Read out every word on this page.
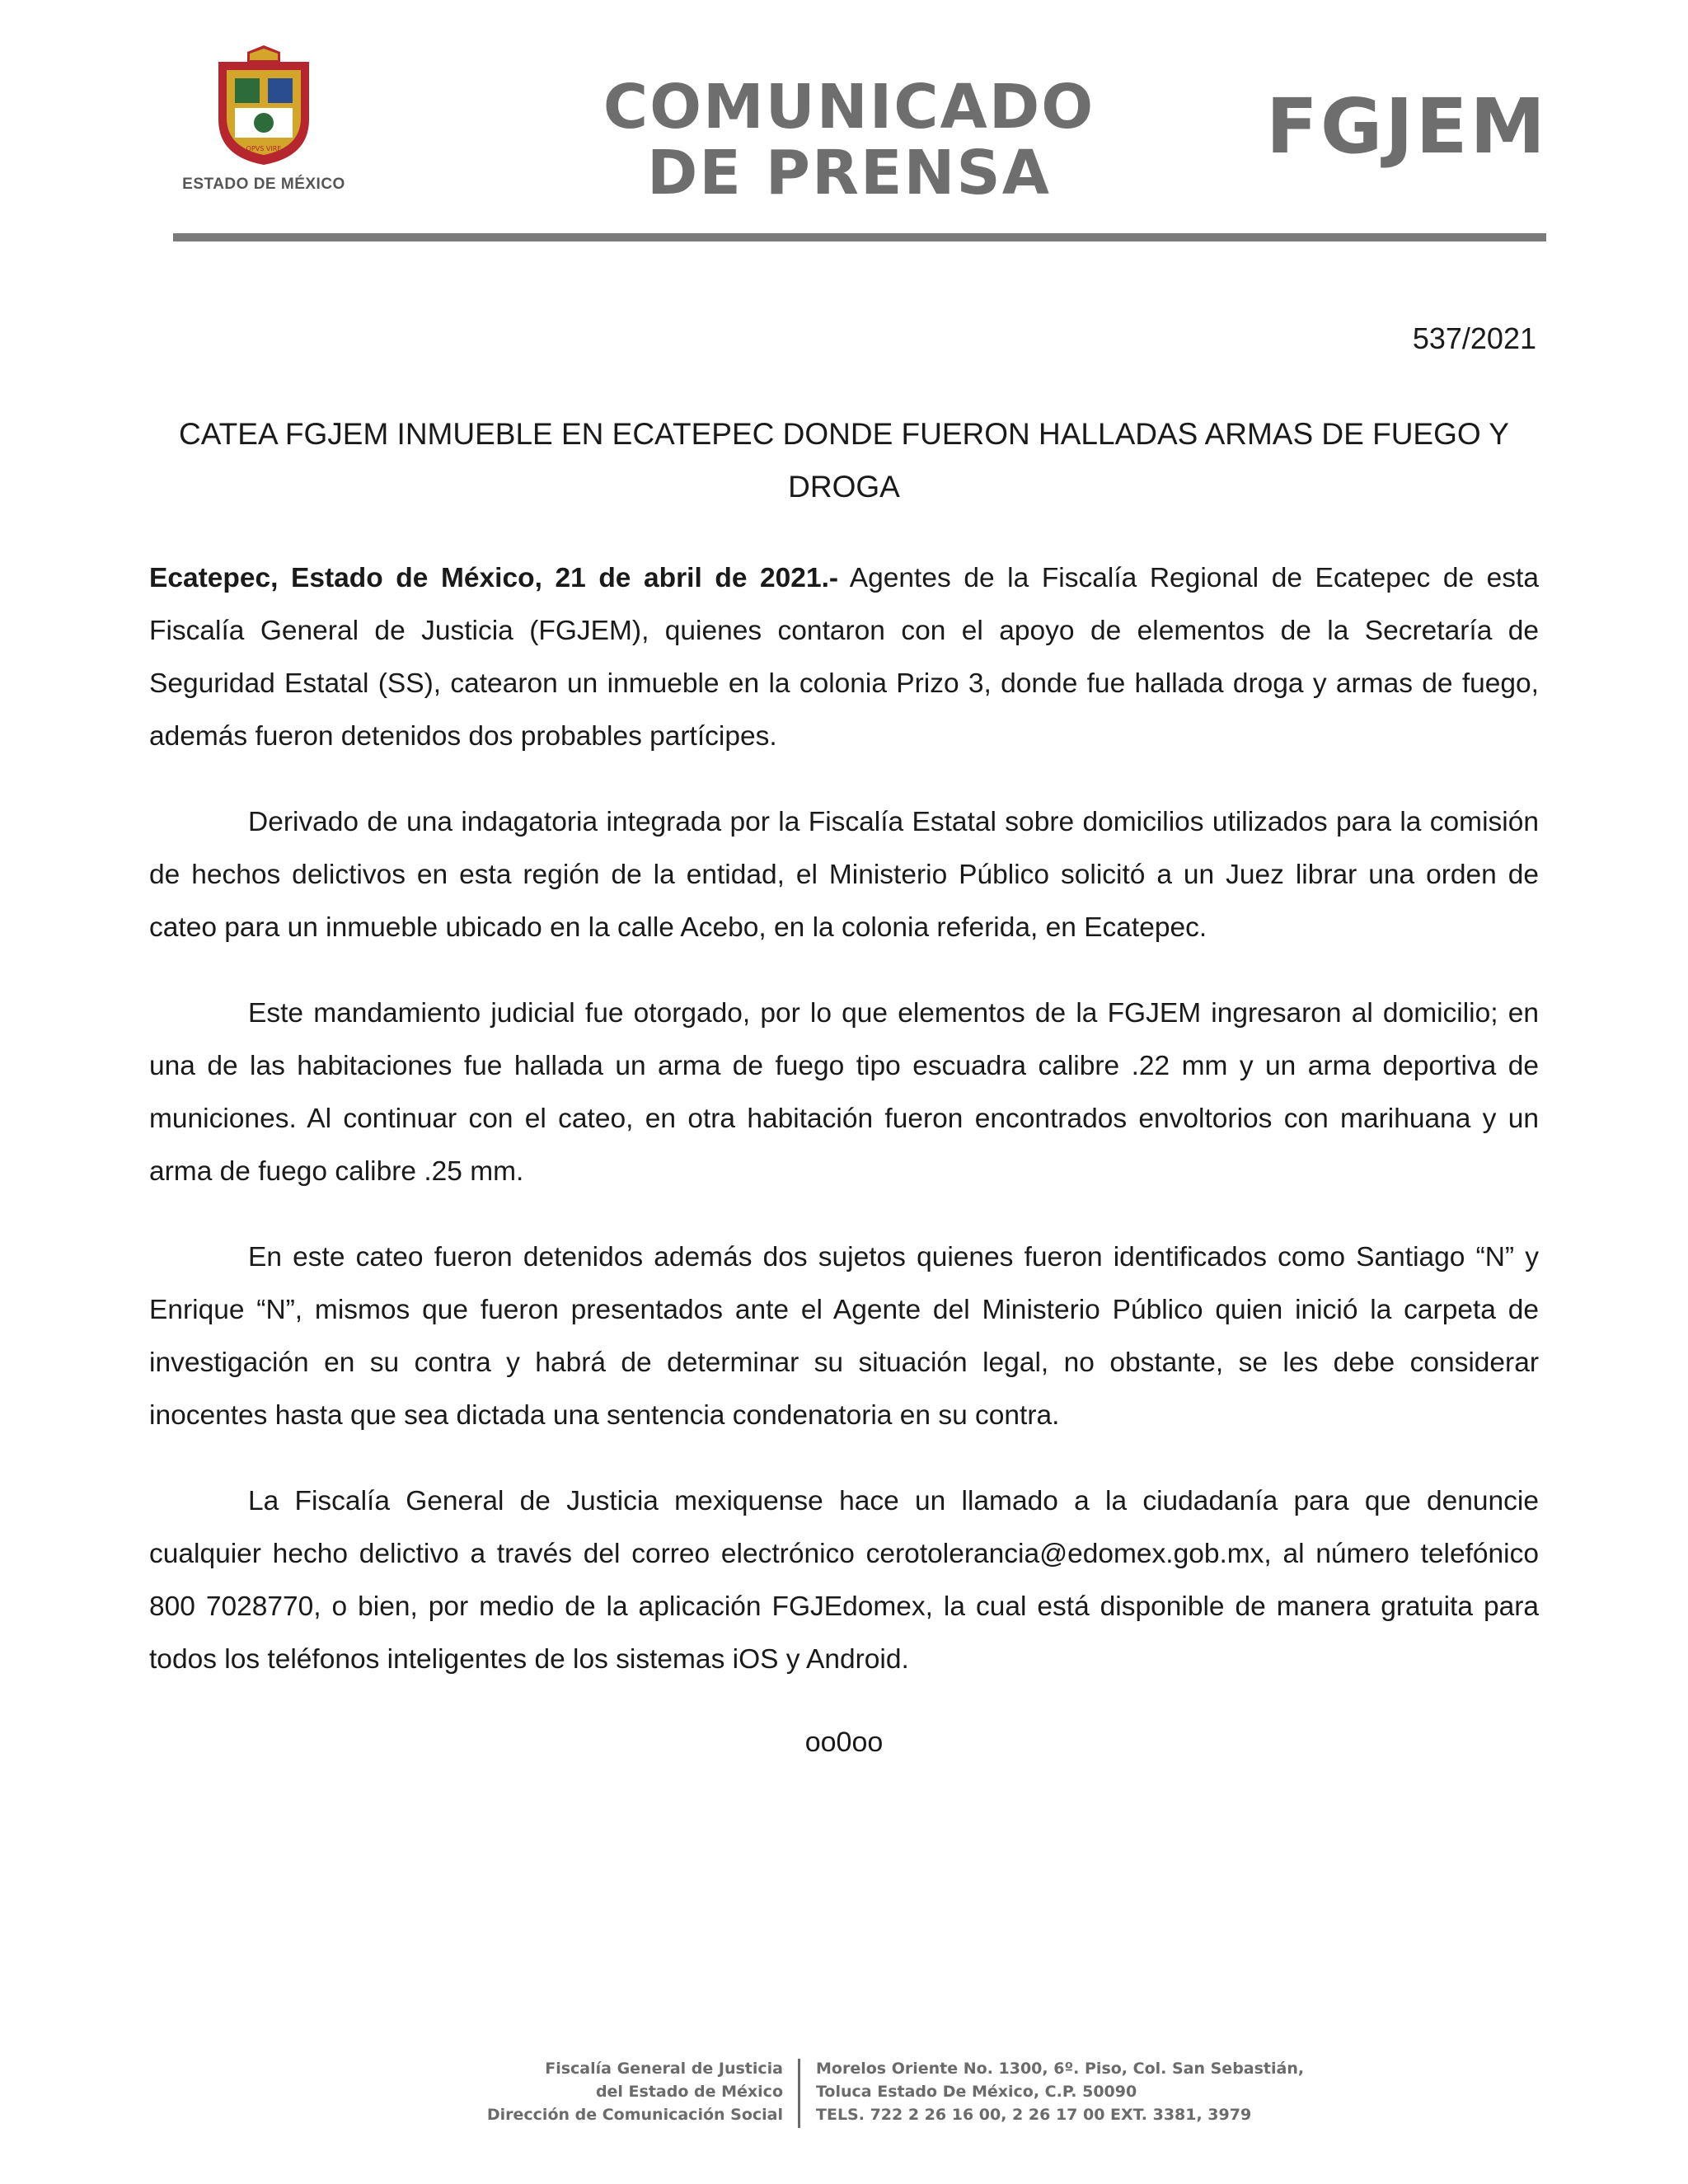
OPVS VIRE
ESTADO DE MÉXICO
COMUNICADO
DE PRENSA
FGJEM
537/2021
CATEA FGJEM INMUEBLE EN ECATEPEC DONDE FUERON HALLADAS ARMAS DE FUEGO Y DROGA

Ecatepec, Estado de México, 21 de abril de 2021.- Agentes de la Fiscalía Regional de Ecatepec de esta Fiscalía General de Justicia (FGJEM), quienes contaron con el apoyo de elementos de la Secretaría de Seguridad Estatal (SS), catearon un inmueble en la colonia Prizo 3, donde fue hallada droga y armas de fuego, además fueron detenidos dos probables partícipes.

Derivado de una indagatoria integrada por la Fiscalía Estatal sobre domicilios utilizados para la comisión de hechos delictivos en esta región de la entidad, el Ministerio Público solicitó a un Juez librar una orden de cateo para un inmueble ubicado en la calle Acebo, en la colonia referida, en Ecatepec.

Este mandamiento judicial fue otorgado, por lo que elementos de la FGJEM ingresaron al domicilio; en una de las habitaciones fue hallada un arma de fuego tipo escuadra calibre .22 mm y un arma deportiva de municiones. Al continuar con el cateo, en otra habitación fueron encontrados envoltorios con marihuana y un arma de fuego calibre .25 mm.

En este cateo fueron detenidos además dos sujetos quienes fueron identificados como Santiago “N” y Enrique “N”, mismos que fueron presentados ante el Agente del Ministerio Público quien inició la carpeta de investigación en su contra y habrá de determinar su situación legal, no obstante, se les debe considerar inocentes hasta que sea dictada una sentencia condenatoria en su contra.

La Fiscalía General de Justicia mexiquense hace un llamado a la ciudadanía para que denuncie cualquier hecho delictivo a través del correo electrónico cerotolerancia@edomex.gob.mx, al número telefónico 800 7028770, o bien, por medio de la aplicación FGJEdomex, la cual está disponible de manera gratuita para todos los teléfonos inteligentes de los sistemas iOS y Android.

oo0oo
Fiscalía General de Justicia
del Estado de México
Dirección de Comunicación Social
Morelos Oriente No. 1300, 6º. Piso, Col. San Sebastián,
Toluca Estado De México, C.P. 50090
TELS. 722 2 26 16 00, 2 26 17 00 EXT. 3381, 3979
